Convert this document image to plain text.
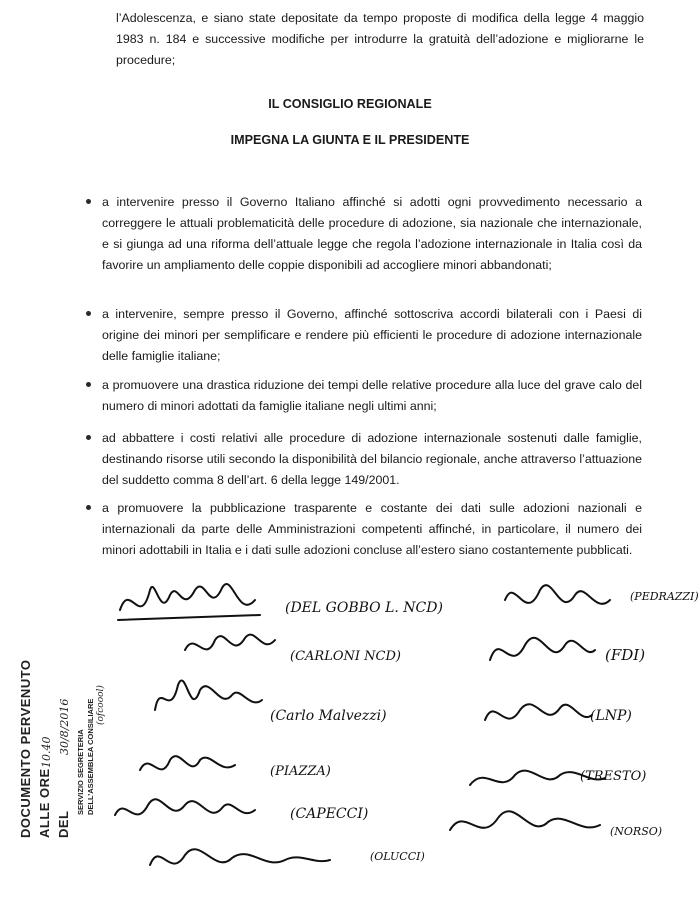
l’Adolescenza, e siano state depositate da tempo proposte di modifica della legge 4 maggio 1983 n. 184 e successive modifiche per introdurre la gratuità dell’adozione e migliorarne le procedure;

IL CONSIGLIO REGIONALE

IMPEGNA LA GIUNTA E IL PRESIDENTE

a intervenire presso il Governo Italiano affinché si adotti ogni provvedimento necessario a correggere le attuali problematicità delle procedure di adozione, sia nazionale che internazionale, e si giunga ad una riforma dell’attuale legge che regola l’adozione internazionale in Italia così da favorire un ampliamento delle coppie disponibili ad accogliere minori abbandonati;

a intervenire, sempre presso il Governo, affinché sottoscriva accordi bilaterali con i Paesi di origine dei minori per semplificare e rendere più efficienti le procedure di adozione internazionale delle famiglie italiane;

a promuovere una drastica riduzione dei tempi delle relative procedure alla luce del grave calo del numero di minori adottati da famiglie italiane negli ultimi anni;

ad abbattere i costi relativi alle procedure di adozione internazionale sostenuti dalle famiglie, destinando risorse utili secondo la disponibilità del bilancio regionale, anche attraverso l’attuazione del suddetto comma 8 dell’art. 6 della legge 149/2001.

a promuovere la pubblicazione trasparente e costante dei dati sulle adozioni nazionali e internazionali da parte delle Amministrazioni competenti affinché, in particolare, il numero dei minori adottabili in Italia e i dati sulle adozioni concluse all’estero siano costantemente pubblicati.

(DEL GOBBO L. NCD)
(CARLONI NCD)
(Carlo Malvezzi)
(PIAZZA)
(CAPECCI)
(OLUCCI)
(PEDRAZZI)
(FDI)
(LNP)
(TRESTO)
(NORSO)
DOCUMENTO PERVENUTO ALLE ORE
10.40
DEL
30/8/2016
SERVIZIO SEGRETERIA DELL’ASSEMBLEA CONSILIARE (ofcoool)
